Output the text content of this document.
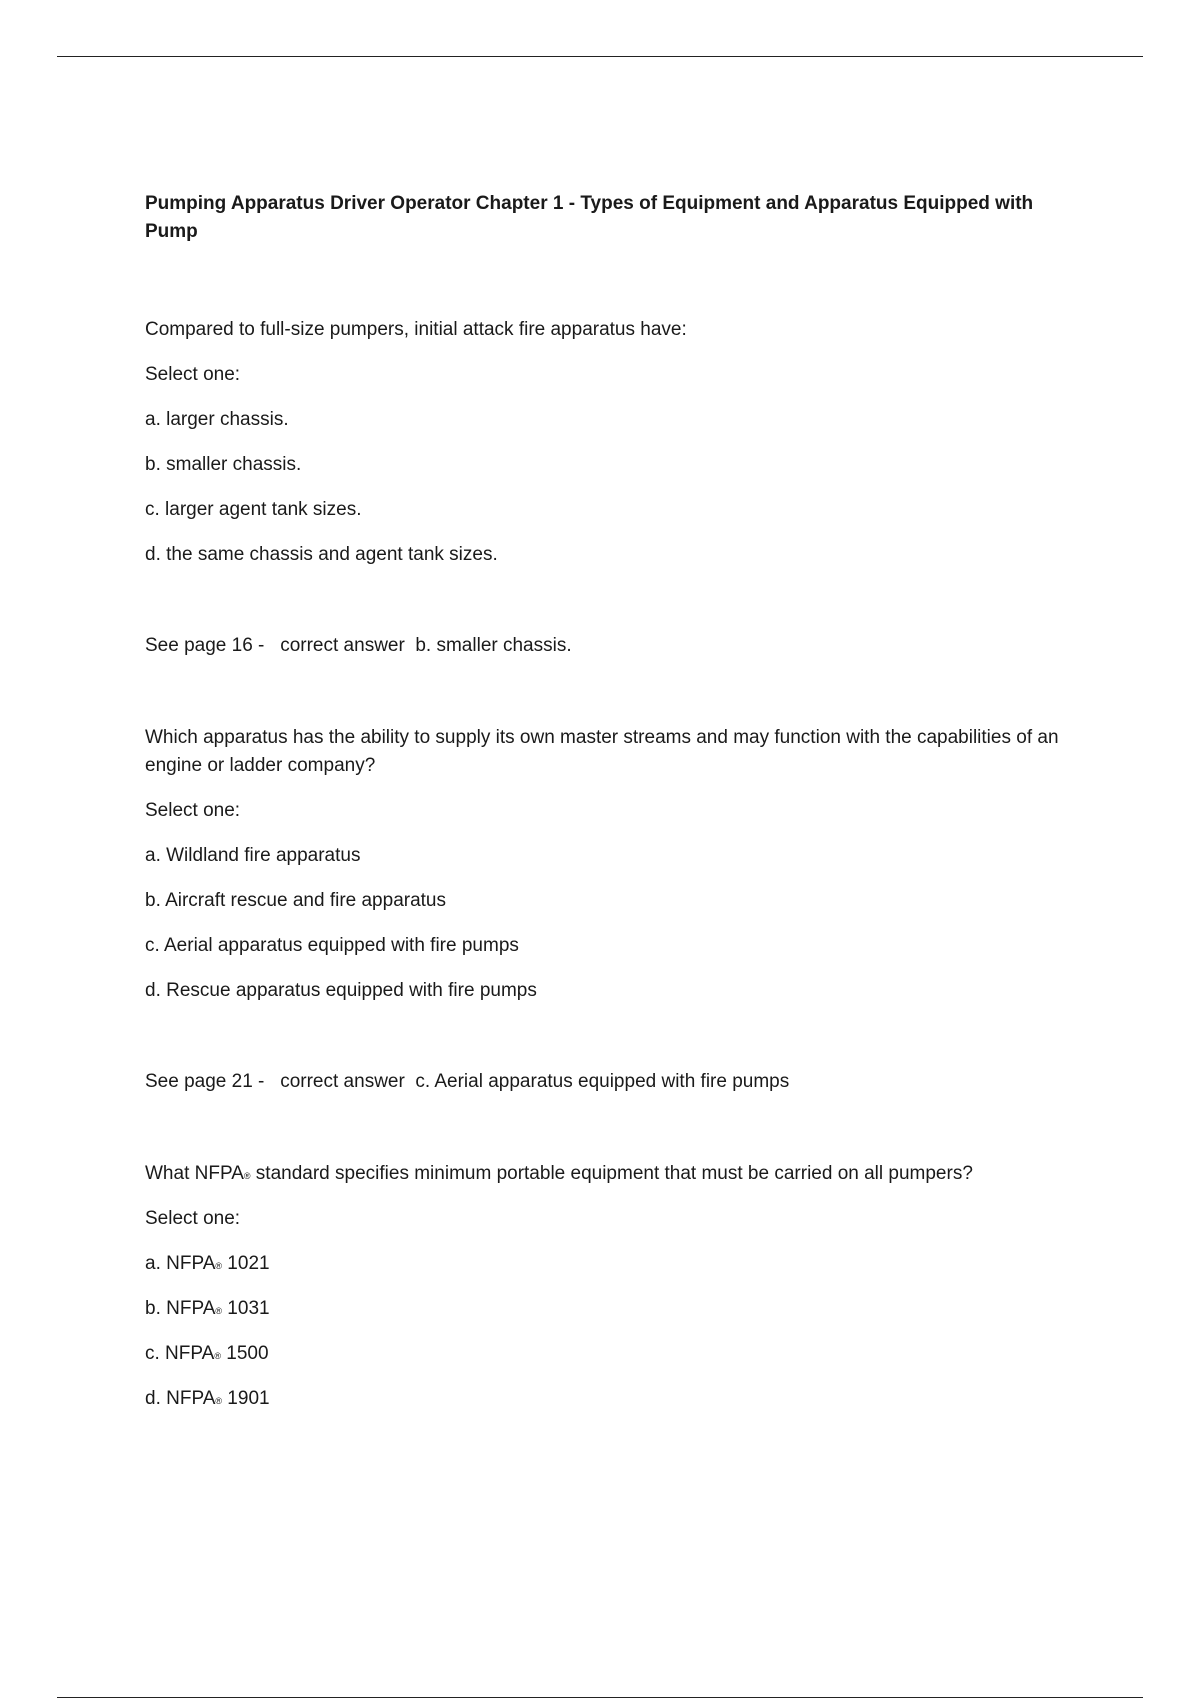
Pumping Apparatus Driver Operator Chapter 1 - Types of Equipment and Apparatus Equipped with Pump

Compared to full-size pumpers, initial attack fire apparatus have:

Select one:

a. larger chassis.

b. smaller chassis.

c. larger agent tank sizes.

d. the same chassis and agent tank sizes.

See page 16 -   correct answer  b. smaller chassis.

Which apparatus has the ability to supply its own master streams and may function with the capabilities of an engine or ladder company?

Select one:

a. Wildland fire apparatus

b. Aircraft rescue and fire apparatus

c. Aerial apparatus equipped with fire pumps

d. Rescue apparatus equipped with fire pumps

See page 21 -   correct answer  c. Aerial apparatus equipped with fire pumps

What NFPA® standard specifies minimum portable equipment that must be carried on all pumpers?

Select one:

a. NFPA® 1021

b. NFPA® 1031

c. NFPA® 1500

d. NFPA® 1901
